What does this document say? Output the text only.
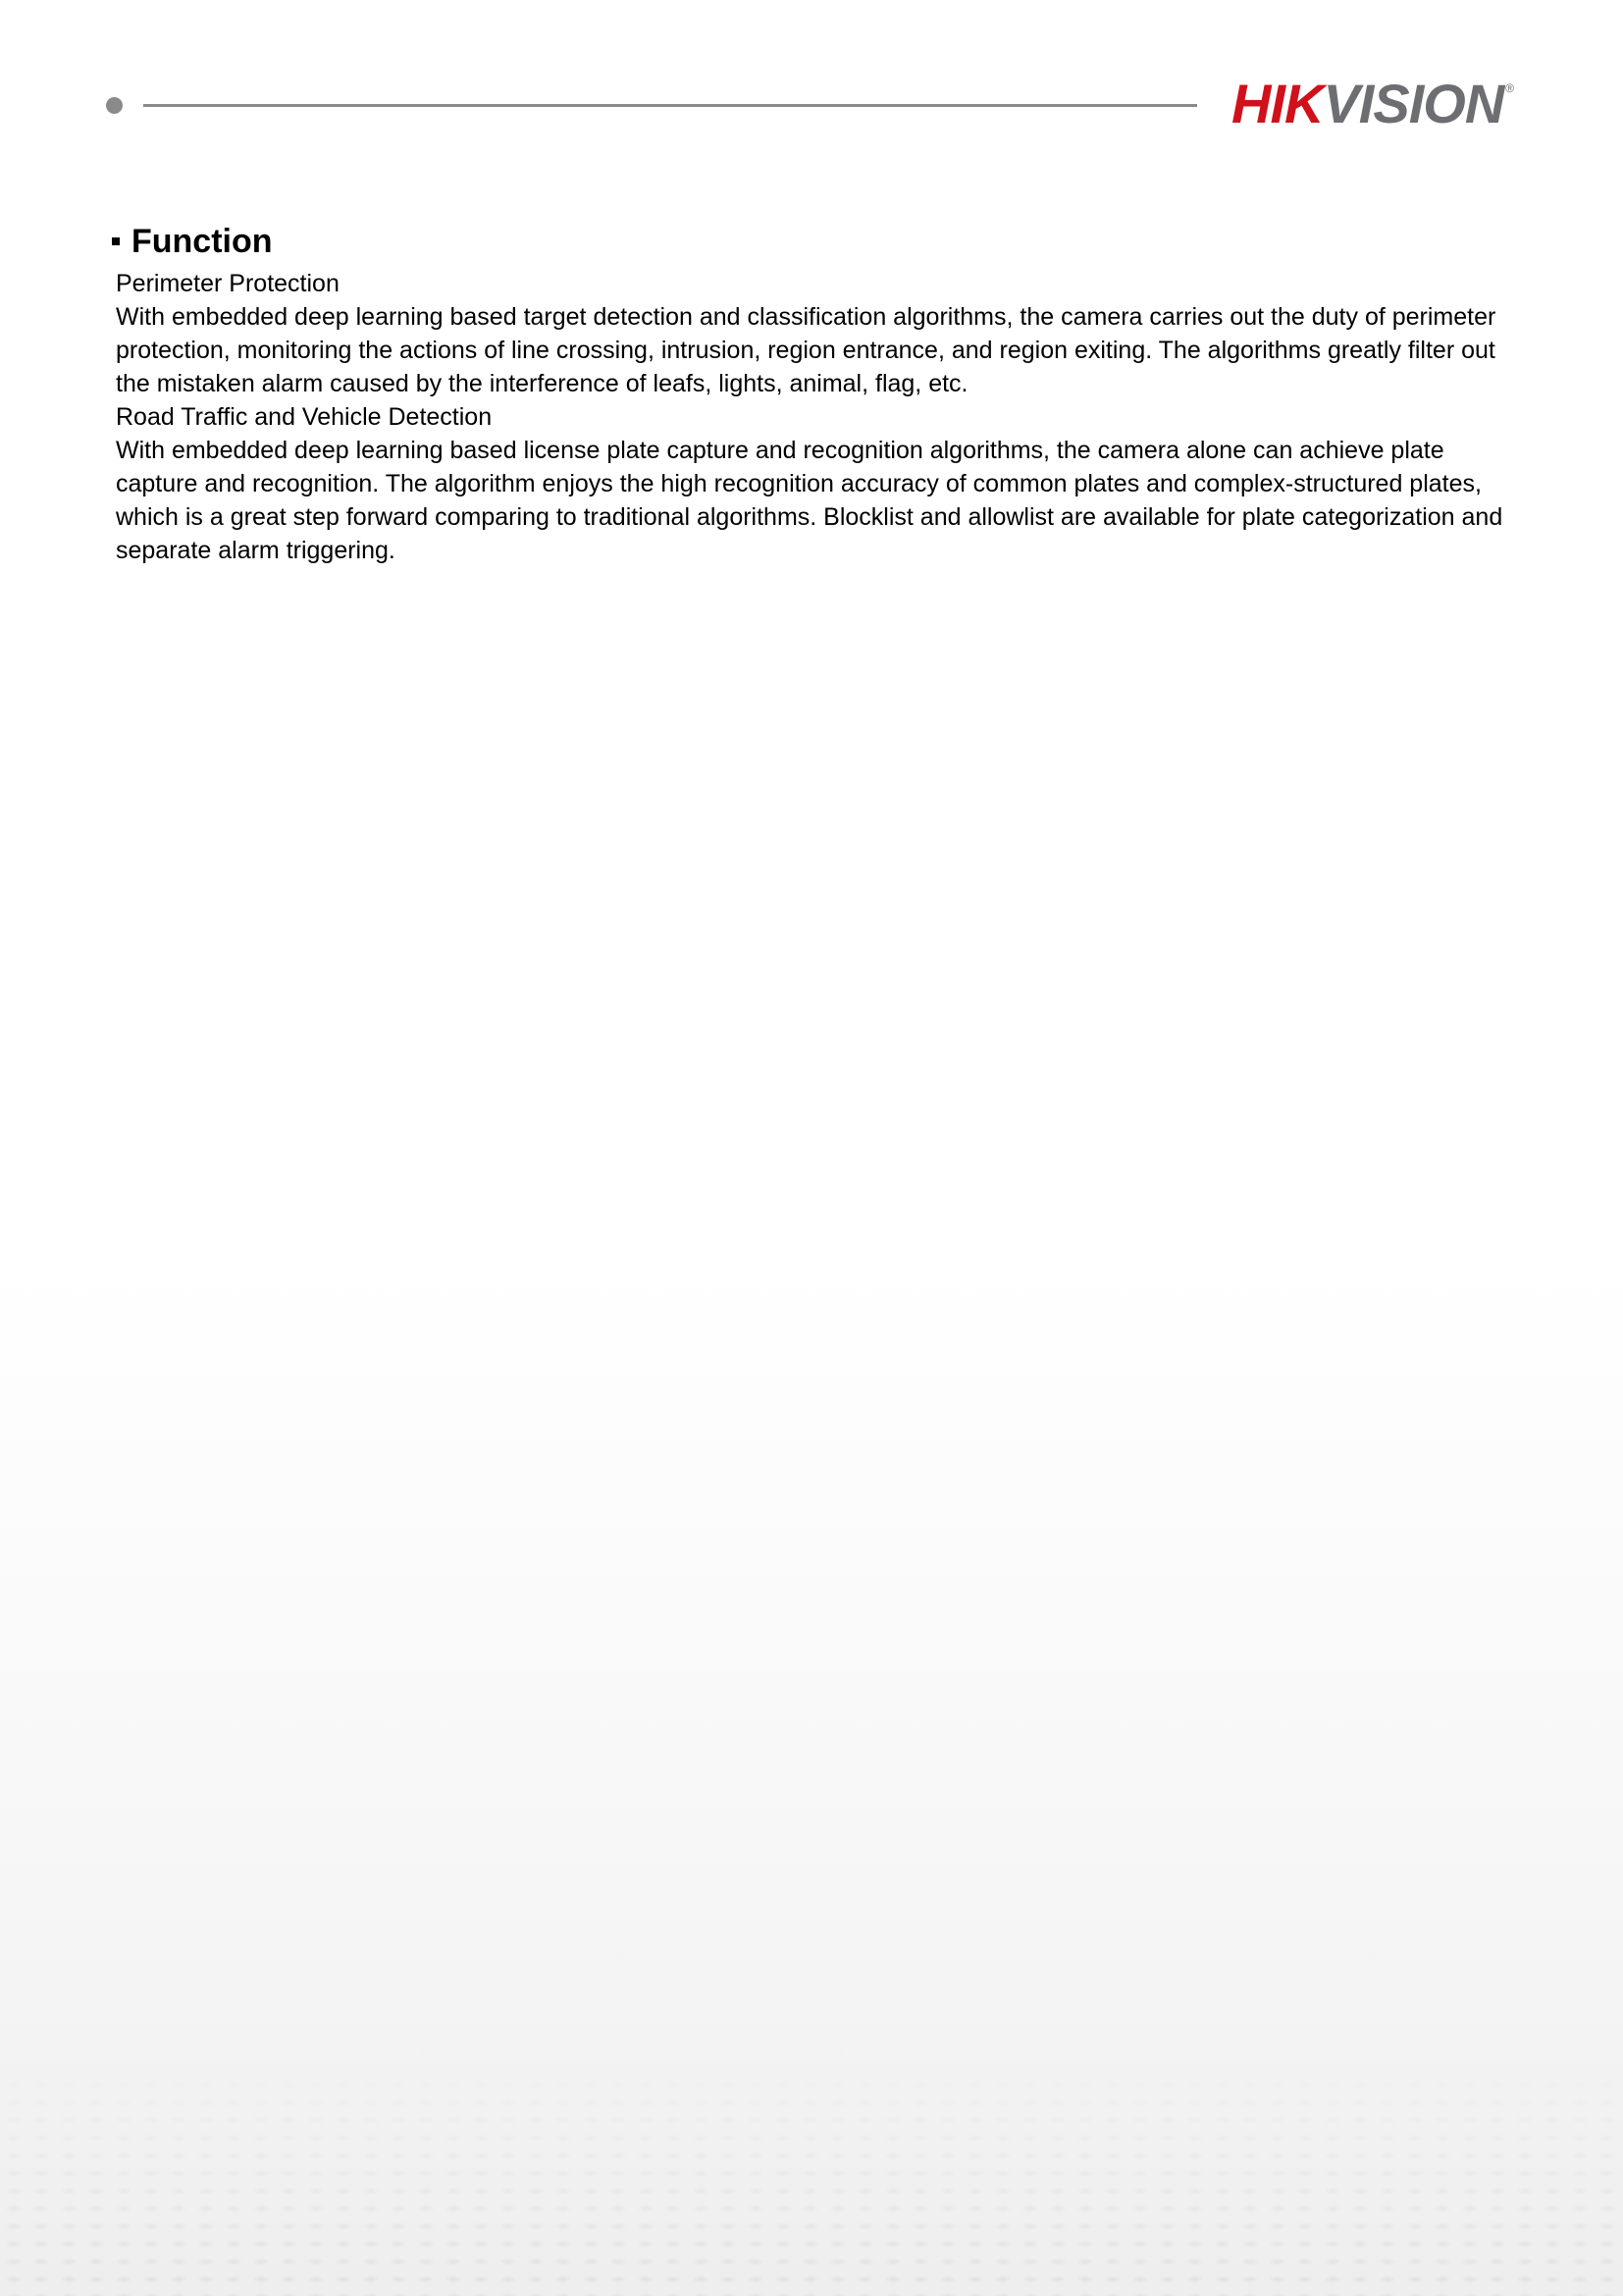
HIK VISION ®
Function

Perimeter Protection

With embedded deep learning based target detection and classification algorithms, the camera carries out the duty of perimeter protection, monitoring the actions of line crossing, intrusion, region entrance, and region exiting. The algorithms greatly filter out the mistaken alarm caused by the interference of leafs, lights, animal, flag, etc.

Road Traffic and Vehicle Detection

With embedded deep learning based license plate capture and recognition algorithms, the camera alone can achieve plate capture and recognition. The algorithm enjoys the high recognition accuracy of common plates and complex-structured plates, which is a great step forward comparing to traditional algorithms. Blocklist and allowlist are available for plate categorization and separate alarm triggering.
